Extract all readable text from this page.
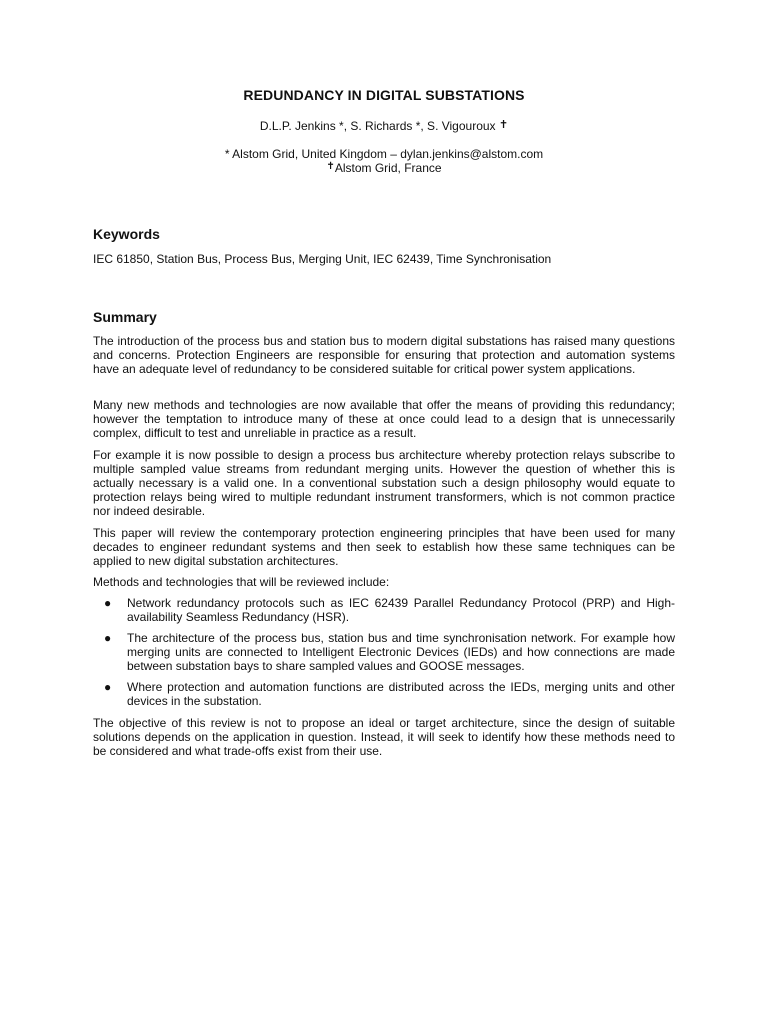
REDUNDANCY IN DIGITAL SUBSTATIONS
D.L.P. Jenkins *, S. Richards *, S. Vigouroux ✝
* Alstom Grid, United Kingdom – dylan.jenkins@alstom.com
✝Alstom Grid, France
Keywords
IEC 61850, Station Bus, Process Bus, Merging Unit, IEC 62439, Time Synchronisation
Summary

The introduction of the process bus and station bus to modern digital substations has raised many questions and concerns. Protection Engineers are responsible for ensuring that protection and automation systems have an adequate level of redundancy to be considered suitable for critical power system applications.

Many new methods and technologies are now available that offer the means of providing this redundancy; however the temptation to introduce many of these at once could lead to a design that is unnecessarily complex, difficult to test and unreliable in practice as a result.

For example it is now possible to design a process bus architecture whereby protection relays subscribe to multiple sampled value streams from redundant merging units. However the question of whether this is actually necessary is a valid one. In a conventional substation such a design philosophy would equate to protection relays being wired to multiple redundant instrument transformers, which is not common practice nor indeed desirable.

This paper will review the contemporary protection engineering principles that have been used for many decades to engineer redundant systems and then seek to establish how these same techniques can be applied to new digital substation architectures.

Methods and technologies that will be reviewed include:

● Network redundancy protocols such as IEC 62439 Parallel Redundancy Protocol (PRP) and High-availability Seamless Redundancy (HSR).
● The architecture of the process bus, station bus and time synchronisation network. For example how merging units are connected to Intelligent Electronic Devices (IEDs) and how connections are made between substation bays to share sampled values and GOOSE messages.
● Where protection and automation functions are distributed across the IEDs, merging units and other devices in the substation.

The objective of this review is not to propose an ideal or target architecture, since the design of suitable solutions depends on the application in question. Instead, it will seek to identify how these methods need to be considered and what trade-offs exist from their use.
